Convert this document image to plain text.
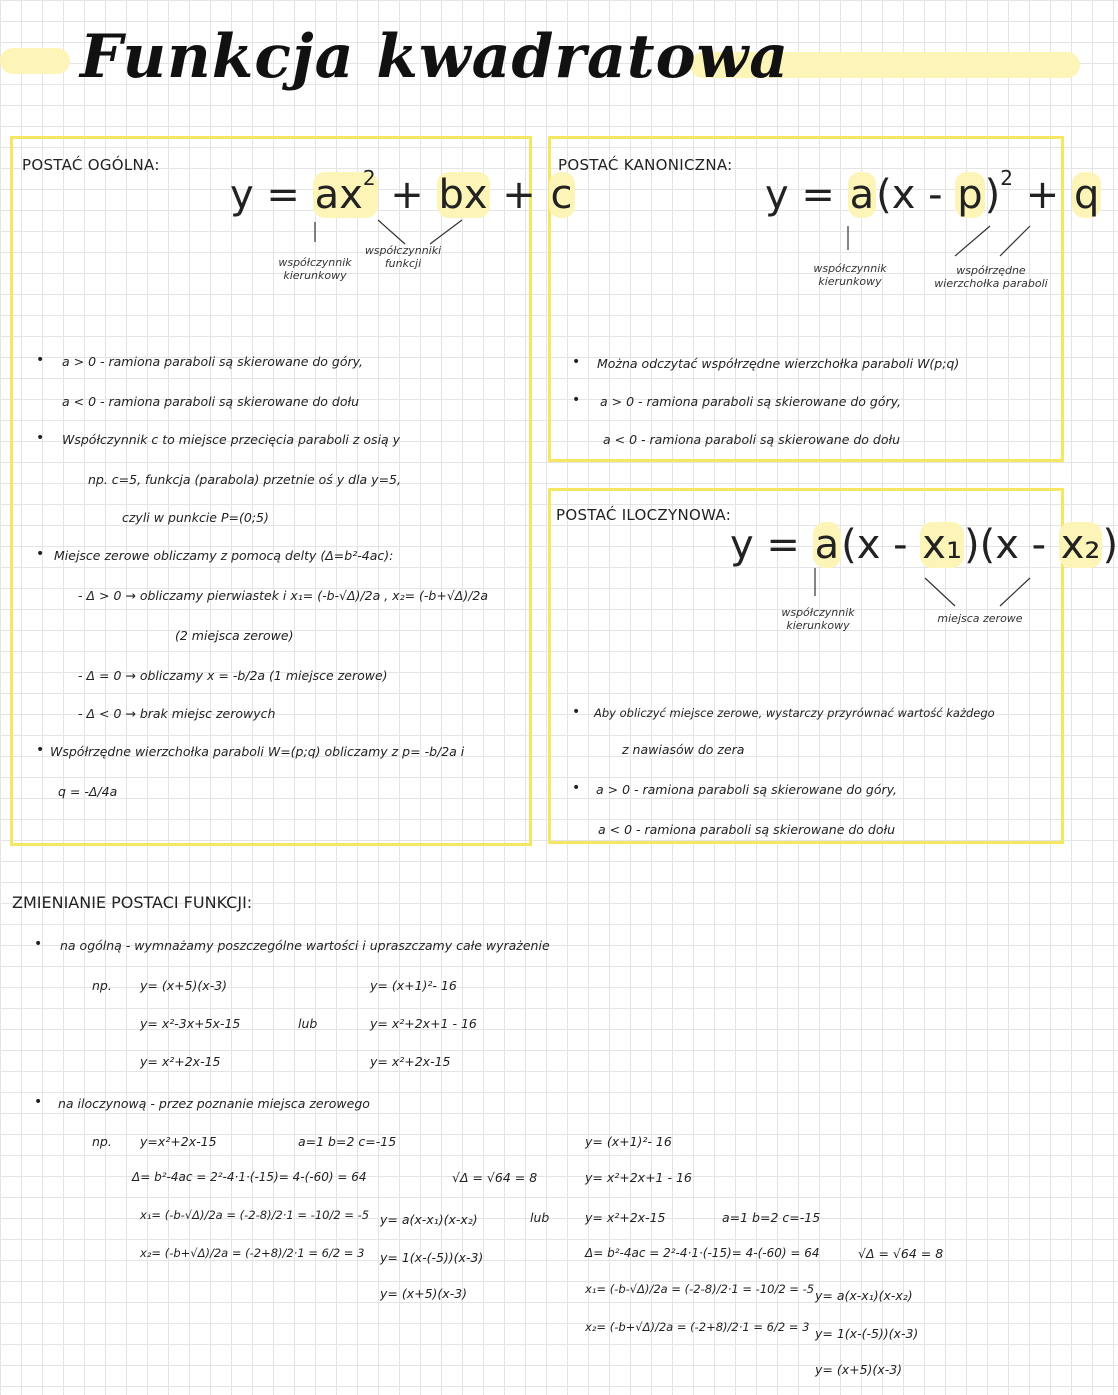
Funkcja kwadratowa
POSTAĆ OGÓLNA:
$y = ax^2$ + bx + c
współczynnik kierunkowy
współczynniki funkcji
• a > 0 - ramiona paraboli są skierowane do góry,
a < 0 - ramiona paraboli są skierowane do dołu
• Współczynnik c to miejsce przecięcia paraboli z osią y
np. c=5, funkcja (parabola) przetnie oś y dla y=5,
czyli w punkcie P=(0;5)
• Miejsce zerowe obliczamy z pomocą delty (Δ=b²-4ac):
- Δ > 0 → obliczamy pierwiastek i x₁= (-b-√Δ)/2a , x₂= (-b+√Δ)/2a
(2 miejsca zerowe)
- Δ = 0 → obliczamy x = -b/2a (1 miejsce zerowe)
- Δ < 0 → brak miejsc zerowych
• Współrzędne wierzchołka paraboli W=(p;q) obliczamy z p= -b/2a i
q = -Δ/4a
POSTAĆ KANONICZNA:
y = a(x - p)$^2$ + q
współczynnik kierunkowy
współrzędne wierzchołka paraboli
• Można odczytać współrzędne wierzchołka paraboli W(p;q)
• a > 0 - ramiona paraboli są skierowane do góry,
a < 0 - ramiona paraboli są skierowane do dołu
POSTAĆ ILOCZYNOWA:
y = a(x - x₁)(x - x₂)
współczynnik kierunkowy
miejsca zerowe
• Aby obliczyć miejsce zerowe, wystarczy przyrównać wartość każdego
z nawiasów do zera
• a > 0 - ramiona paraboli są skierowane do góry,
a < 0 - ramiona paraboli są skierowane do dołu
ZMIENIANIE POSTACI FUNKCJI:
• na ogólną - wymnażamy poszczególne wartości i upraszczamy całe wyrażenie
np. y= (x+5)(x-3)
y= x²-3x+5x-15
y= x²+2x-15
lub
y= (x+1)²- 16
y= x²+2x+1 - 16
y= x²+2x-15
• na iloczynową - przez poznanie miejsca zerowego
np. y=x²+2x-15	a=1 b=2 c=-15
Δ= b²-4ac = 2²-4·1·(-15)= 4-(-60) = 64	√Δ = √64 = 8
x₁= (-b-√Δ)/2a = (-2-8)/2·1 = -10/2 = -5
x₂= (-b+√Δ)/2a = (-2+8)/2·1 = 6/2 = 3
y= a(x-x₁)(x-x₂)
y= 1(x-(-5))(x-3)
y= (x+5)(x-3)
lub
y= (x+1)²- 16
y= x²+2x+1 - 16
y= x²+2x-15	a=1 b=2 c=-15
Δ= b²-4ac = 2²-4·1·(-15)= 4-(-60) = 64	√Δ = √64 = 8
x₁= (-b-√Δ)/2a = (-2-8)/2·1 = -10/2 = -5
x₂= (-b+√Δ)/2a = (-2+8)/2·1 = 6/2 = 3
y= a(x-x₁)(x-x₂)
y= 1(x-(-5))(x-3)
y= (x+5)(x-3)
